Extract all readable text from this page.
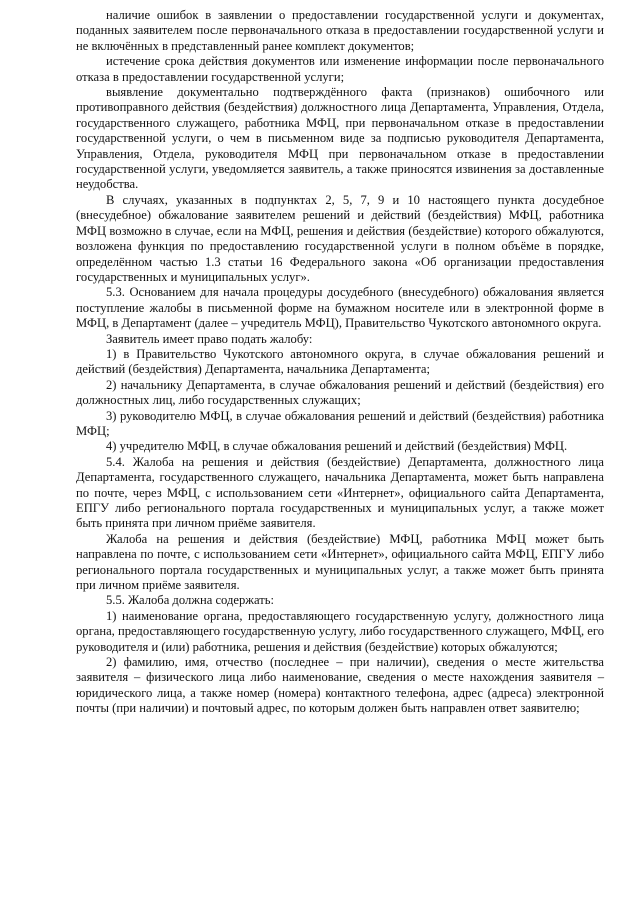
наличие ошибок в заявлении о предоставлении государственной услуги и документах, поданных заявителем после первоначального отказа в предоставлении государственной услуги и не включённых в представленный ранее комплект документов;

истечение срока действия документов или изменение информации после первоначального отказа в предоставлении государственной услуги;

выявление документально подтверждённого факта (признаков) ошибочного или противоправного действия (бездействия) должностного лица Департамента, Управления, Отдела, государственного служащего, работника МФЦ, при первоначальном отказе в предоставлении государственной услуги, о чем в письменном виде за подписью руководителя Департамента, Управления, Отдела, руководителя МФЦ при первоначальном отказе в предоставлении государственной услуги, уведомляется заявитель, а также приносятся извинения за доставленные неудобства.

В случаях, указанных в подпунктах 2, 5, 7, 9 и 10 настоящего пункта досудебное (внесудебное) обжалование заявителем решений и действий (бездействия) МФЦ, работника МФЦ возможно в случае, если на МФЦ, решения и действия (бездействие) которого обжалуются, возложена функция по предоставлению государственной услуги в полном объёме в порядке, определённом частью 1.3 статьи 16 Федерального закона «Об организации предоставления государственных и муниципальных услуг».

5.3. Основанием для начала процедуры досудебного (внесудебного) обжалования является поступление жалобы в письменной форме на бумажном носителе или в электронной форме в МФЦ, в Департамент (далее – учредитель МФЦ), Правительство Чукотского автономного округа.

Заявитель имеет право подать жалобу:

1) в Правительство Чукотского автономного округа, в случае обжалования решений и действий (бездействия) Департамента, начальника Департамента;

2) начальнику Департамента, в случае обжалования решений и действий (бездействия) его должностных лиц, либо государственных служащих;

3) руководителю МФЦ, в случае обжалования решений и действий (бездействия) работника МФЦ;

4) учредителю МФЦ, в случае обжалования решений и действий (бездействия) МФЦ.

5.4. Жалоба на решения и действия (бездействие) Департамента, должностного лица Департамента, государственного служащего, начальника Департамента, может быть направлена по почте, через МФЦ, с использованием сети «Интернет», официального сайта Департамента, ЕПГУ либо регионального портала государственных и муниципальных услуг, а также может быть принята при личном приёме заявителя.

Жалоба на решения и действия (бездействие) МФЦ, работника МФЦ может быть направлена по почте, с использованием сети «Интернет», официального сайта МФЦ, ЕПГУ либо регионального портала государственных и муниципальных услуг, а также может быть принята при личном приёме заявителя.

5.5. Жалоба должна содержать:

1) наименование органа, предоставляющего государственную услугу, должностного лица органа, предоставляющего государственную услугу, либо государственного служащего, МФЦ, его руководителя и (или) работника, решения и действия (бездействие) которых обжалуются;

2) фамилию, имя, отчество (последнее – при наличии), сведения о месте жительства заявителя – физического лица либо наименование, сведения о месте нахождения заявителя – юридического лица, а также номер (номера) контактного телефона, адрес (адреса) электронной почты (при наличии) и почтовый адрес, по которым должен быть направлен ответ заявителю;
